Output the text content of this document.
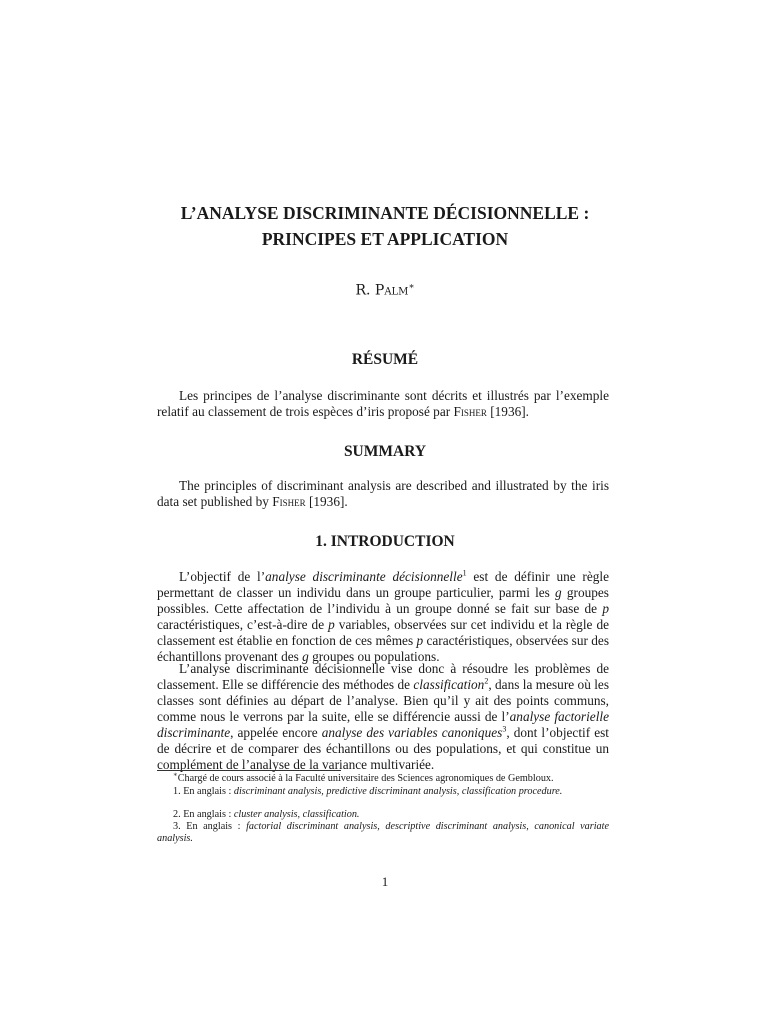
L’ANALYSE DISCRIMINANTE DÉCISIONNELLE :
PRINCIPES ET APPLICATION
R. Palm∗
RÉSUMÉ

Les principes de l’analyse discriminante sont décrits et illustrés par l’exemple relatif au classement de trois espèces d’iris proposé par Fisher [1936].

SUMMARY

The principles of discriminant analysis are described and illustrated by the iris data set published by Fisher [1936].

1. INTRODUCTION

L’objectif de l’analyse discriminante décisionnelle$^1$ est de définir une règle permettant de classer un individu dans un groupe particulier, parmi les g groupes possibles. Cette affectation de l’individu à un groupe donné se fait sur base de p caractéristiques, c’est-à-dire de p variables, observées sur cet individu et la règle de classement est établie en fonction de ces mêmes p caractéristiques, observées sur des échantillons provenant des g groupes ou populations.

L’analyse discriminante décisionnelle vise donc à résoudre les problèmes de classement. Elle se différencie des méthodes de classification$^2$, dans la mesure où les classes sont définies au départ de l’analyse. Bien qu’il y ait des points communs, comme nous le verrons par la suite, elle se différencie aussi de l’analyse factorielle discriminante, appelée encore analyse des variables canoniques$^3$, dont l’objectif est de décrire et de comparer des échantillons ou des populations, et qui constitue un complément de l’analyse de la variance multivariée.

∗Chargé de cours associé à la Faculté universitaire des Sciences agronomiques de Gembloux.

1. En anglais : discriminant analysis, predictive discriminant analysis, classification procedure.

2. En anglais : cluster analysis, classification.

3. En anglais : factorial discriminant analysis, descriptive discriminant analysis, canonical variate analysis.

1
